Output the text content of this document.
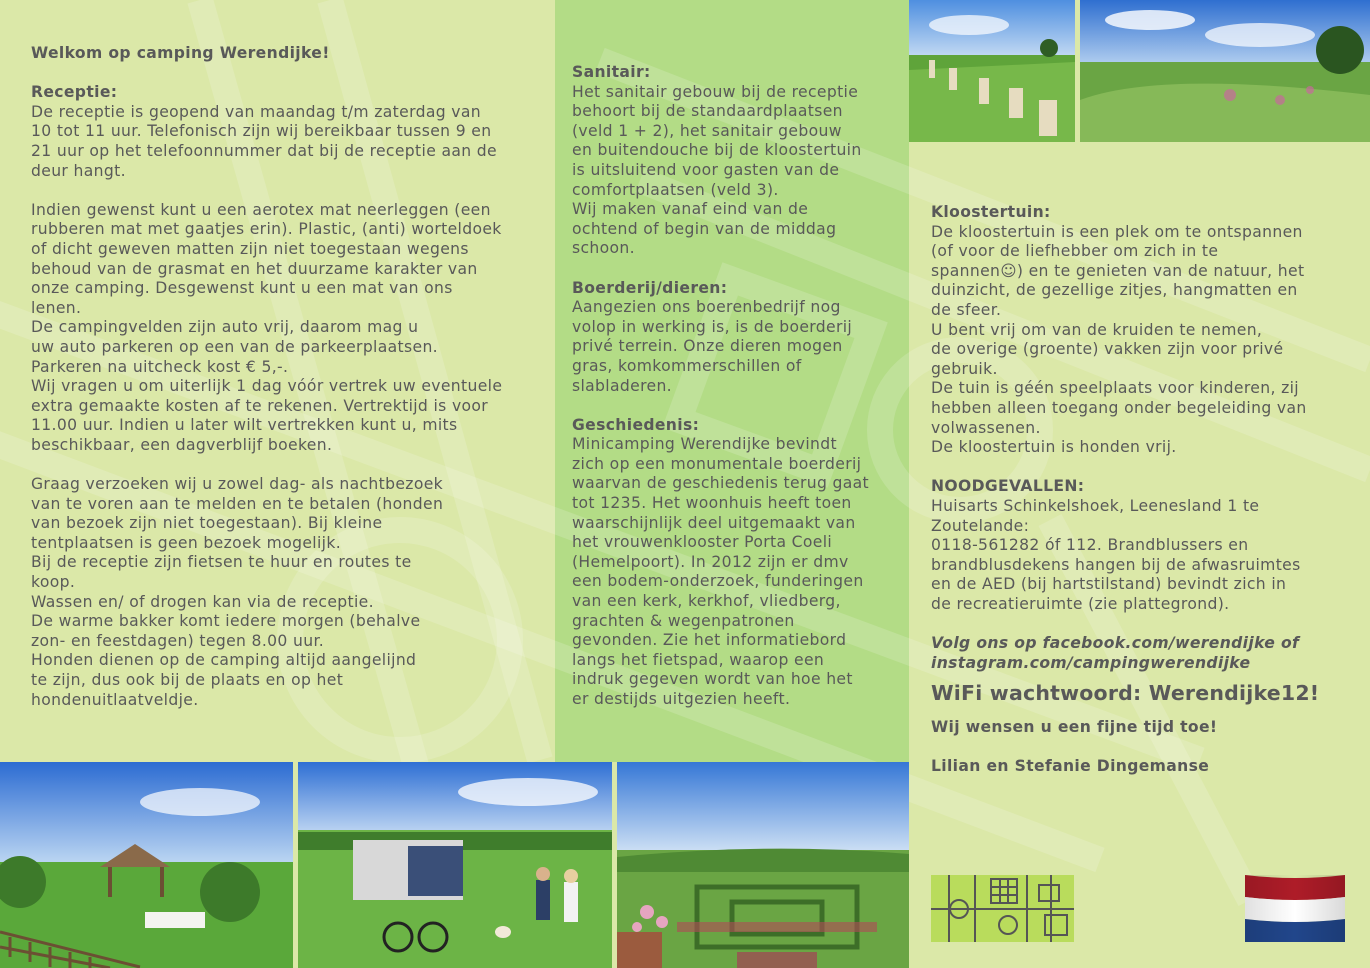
Welkom op camping Werendijke!
Receptie:
De receptie is geopend van maandag t/m zaterdag van
10 tot 11 uur. Telefonisch zijn wij bereikbaar tussen 9 en
21 uur op het telefoonnummer dat bij de receptie aan de
deur hangt.
Indien gewenst kunt u een aerotex mat neerleggen (een
rubberen mat met gaatjes erin). Plastic, (anti) worteldoek
of dicht geweven matten zijn niet toegestaan wegens
behoud van de grasmat en het duurzame karakter van
onze camping. Desgewenst kunt u een mat van ons
lenen.
De campingvelden zijn auto vrij, daarom mag u
uw auto parkeren op een van de parkeerplaatsen.
Parkeren na uitcheck kost € 5,-.
Wij vragen u om uiterlijk 1 dag vóór vertrek uw eventuele
extra gemaakte kosten af te rekenen. Vertrektijd is voor
11.00 uur. Indien u later wilt vertrekken kunt u, mits
beschikbaar, een dagverblijf boeken.
Graag verzoeken wij u zowel dag- als nachtbezoek
van te voren aan te melden en te betalen (honden
van bezoek zijn niet toegestaan). Bij kleine
tentplaatsen is geen bezoek mogelijk.
Bij de receptie zijn fietsen te huur en routes te
koop.
Wassen en/ of drogen kan via de receptie.
De warme bakker komt iedere morgen (behalve
zon- en feestdagen) tegen 8.00 uur.
Honden dienen op de camping altijd aangelijnd
te zijn, dus ook bij de plaats en op het
hondenuitlaatveldje.
Sanitair:
Het sanitair gebouw bij de receptie
behoort bij de standaardplaatsen
(veld 1 + 2), het sanitair gebouw
en buitendouche bij de kloostertuin
is uitsluitend voor gasten van de
comfortplaatsen (veld 3).
Wij maken vanaf eind van de
ochtend of begin van de middag
schoon.
Boerderij/dieren:
Aangezien ons boerenbedrijf nog
volop in werking is, is de boerderij
privé terrein. Onze dieren mogen
gras, komkommerschillen of
slabladeren.
Geschiedenis:
Minicamping Werendijke bevindt
zich op een monumentale boerderij
waarvan de geschiedenis terug gaat
tot 1235. Het woonhuis heeft toen
waarschijnlijk deel uitgemaakt van
het vrouwenklooster Porta Coeli
(Hemelpoort). In 2012 zijn er dmv
een bodem-onderzoek, funderingen
van een kerk, kerkhof, vliedberg,
grachten & wegenpatronen
gevonden. Zie het informatiebord
langs het fietspad, waarop een
indruk gegeven wordt van hoe het
er destijds uitgezien heeft.
Kloostertuin:
De kloostertuin is een plek om te ontspannen
(of voor de liefhebber om zich in te
spannen☺) en te genieten van de natuur, het
duinzicht, de gezellige zitjes, hangmatten en
de sfeer.
U bent vrij om van de kruiden te nemen,
de overige (groente) vakken zijn voor privé
gebruik.
De tuin is géén speelplaats voor kinderen, zij
hebben alleen toegang onder begeleiding van
volwassenen.
De kloostertuin is honden vrij.
NOODGEVALLEN:
Huisarts Schinkelshoek, Leenesland 1 te
Zoutelande:
0118-561282 óf 112. Brandblussers en
brandblusdekens hangen bij de afwasruimtes
en de AED (bij hartstilstand) bevindt zich in
de recreatieruimte (zie plattegrond).
Volg ons op facebook.com/werendijke of
instagram.com/campingwerendijke
WiFi wachtwoord: Werendijke12!
Wij wensen u een fijne tijd toe!
Lilian en Stefanie Dingemanse
